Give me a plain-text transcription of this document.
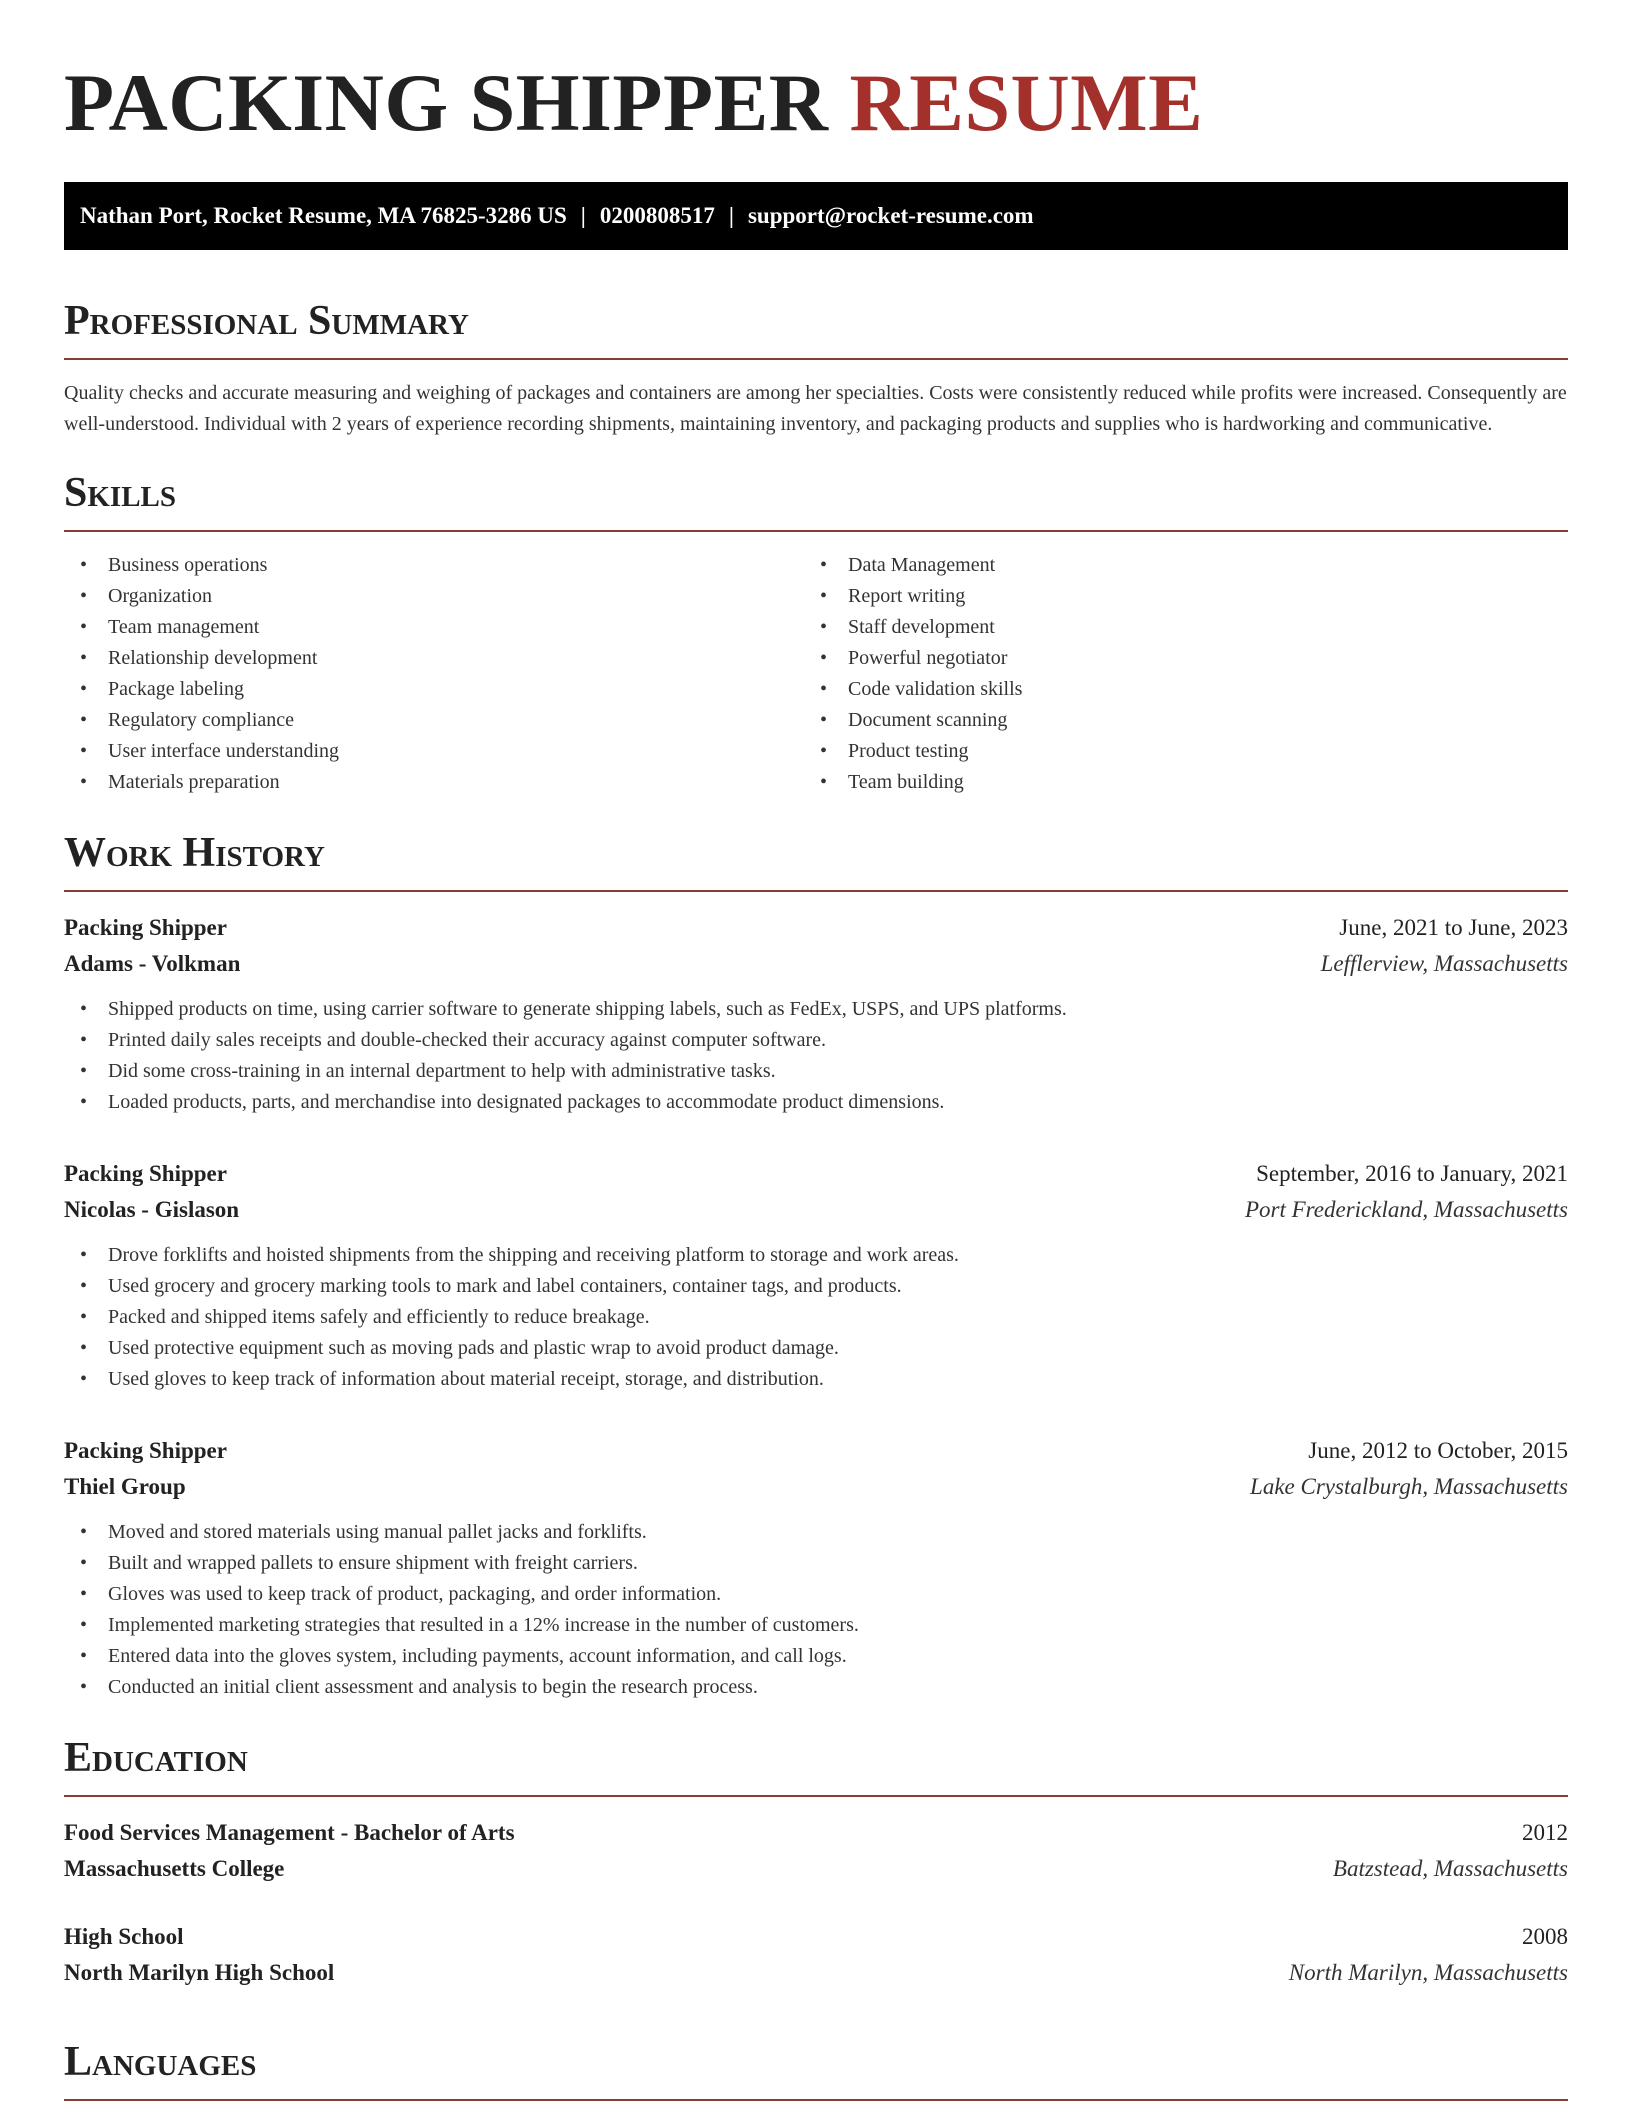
PACKING SHIPPER RESUME
Nathan Port, Rocket Resume, MA 76825-3286 US | 0200808517 | support@rocket-resume.com
Professional Summary

Quality checks and accurate measuring and weighing of packages and containers are among her specialties. Costs were consistently reduced while profits were increased. Consequently are well-understood. Individual with 2 years of experience recording shipments, maintaining inventory, and packaging products and supplies who is hardworking and communicative.

Skills
• Business operations
• Organization
• Team management
• Relationship development
• Package labeling
• Regulatory compliance
• User interface understanding
• Materials preparation
• Data Management
• Report writing
• Staff development
• Powerful negotiator
• Code validation skills
• Document scanning
• Product testing
• Team building
Work History
Packing Shipper	June, 2021 to June, 2023
Adams - Volkman	Lefflerview, Massachusetts
• Shipped products on time, using carrier software to generate shipping labels, such as FedEx, USPS, and UPS platforms.
• Printed daily sales receipts and double-checked their accuracy against computer software.
• Did some cross-training in an internal department to help with administrative tasks.
• Loaded products, parts, and merchandise into designated packages to accommodate product dimensions.
Packing Shipper	September, 2016 to January, 2021
Nicolas - Gislason	Port Frederickland, Massachusetts
• Drove forklifts and hoisted shipments from the shipping and receiving platform to storage and work areas.
• Used grocery and grocery marking tools to mark and label containers, container tags, and products.
• Packed and shipped items safely and efficiently to reduce breakage.
• Used protective equipment such as moving pads and plastic wrap to avoid product damage.
• Used gloves to keep track of information about material receipt, storage, and distribution.
Packing Shipper	June, 2012 to October, 2015
Thiel Group	Lake Crystalburgh, Massachusetts
• Moved and stored materials using manual pallet jacks and forklifts.
• Built and wrapped pallets to ensure shipment with freight carriers.
• Gloves was used to keep track of product, packaging, and order information.
• Implemented marketing strategies that resulted in a 12% increase in the number of customers.
• Entered data into the gloves system, including payments, account information, and call logs.
• Conducted an initial client assessment and analysis to begin the research process.
Education
Food Services Management - Bachelor of Arts	2012
Massachusetts College	Batzstead, Massachusetts
High School	2008
North Marilyn High School	North Marilyn, Massachusetts
Languages
